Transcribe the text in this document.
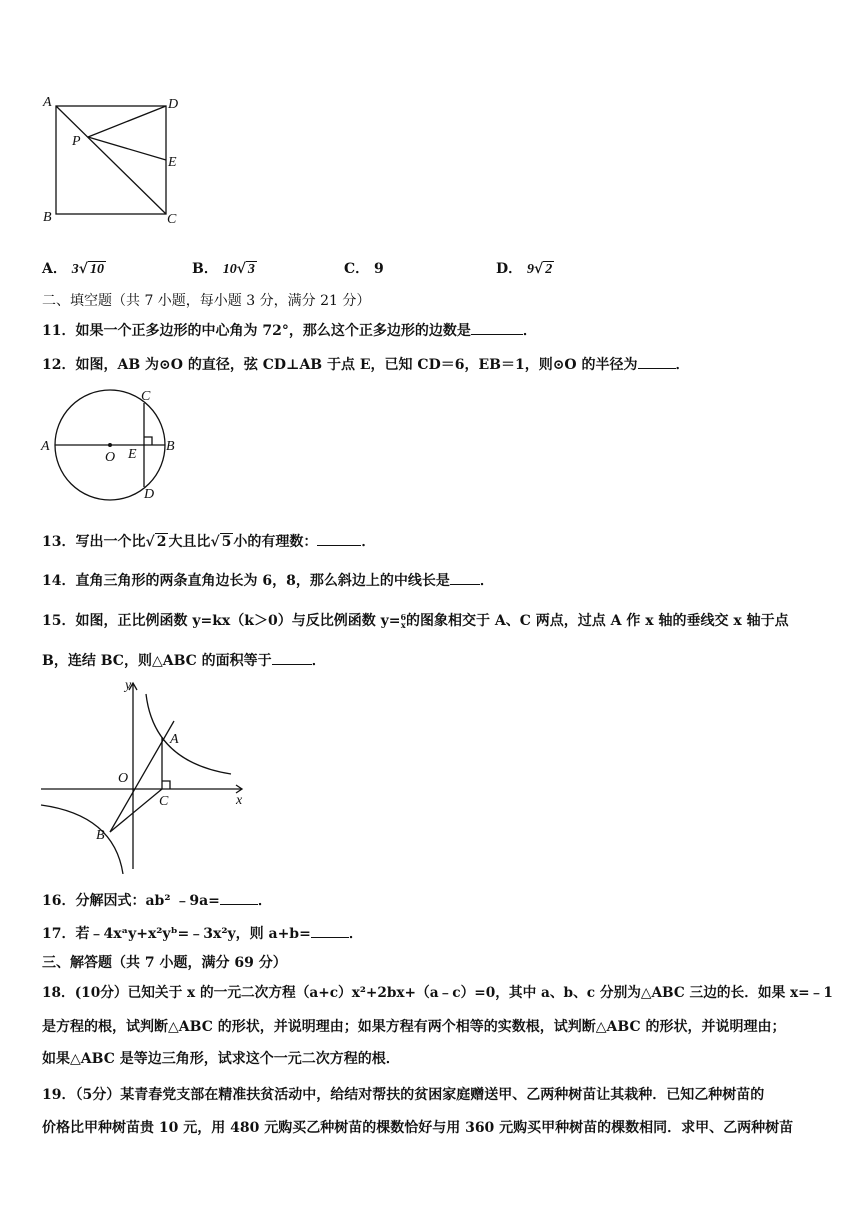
A	D
P
E
B	C
A． 3√ 10	B． 10√ 3	C． 9	D． 9√ 2
二、填空题（共 7 小题，每小题 3 分，满分 21 分）
11．如果一个正多边形的中心角为 72°，那么这个正多边形的边数是	．
12．如图，AB 为⊙O 的直径，弦 CD⊥AB 于点 E，已知 CD＝6，EB＝1，则⊙O 的半径为	．
A	B
C
D
E
O
13．写出一个比√ 2 大且比√ 5 小的有理数：	．
14．直角三角形的两条直角边长为 6，8，那么斜边上的中线长是 ．
15．如图，正比例函数 y=kx（k＞0）与反比例函数 y=6
x的图象相交于 A、C 两点，过点 A 作 x 轴的垂线交 x 轴于点
B，连结 BC，则△ABC 的面积等于	．
y
x
O
A
B
C
16．分解因式：ab² ﹣9a=	．
17．若﹣4xᵃy+x²yᵇ=﹣3x²y，则 a+b=	．
三、解答题（共 7 小题，满分 69 分）
18．(10分）已知关于 x 的一元二次方程（a+c）x²+2bx+（a﹣c）=0，其中 a、b、c 分别为△ABC 三边的长．如果 x=﹣1
是方程的根，试判断△ABC 的形状，并说明理由；如果方程有两个相等的实数根，试判断△ABC 的形状，并说明理由；
如果△ABC 是等边三角形，试求这个一元二次方程的根．
19．（5分）某青春党支部在精准扶贫活动中，给结对帮扶的贫困家庭赠送甲、乙两种树苗让其栽种．已知乙种树苗的
价格比甲种树苗贵 10 元，用 480 元购买乙种树苗的棵数恰好与用 360 元购买甲种树苗的棵数相同．求甲、乙两种树苗
